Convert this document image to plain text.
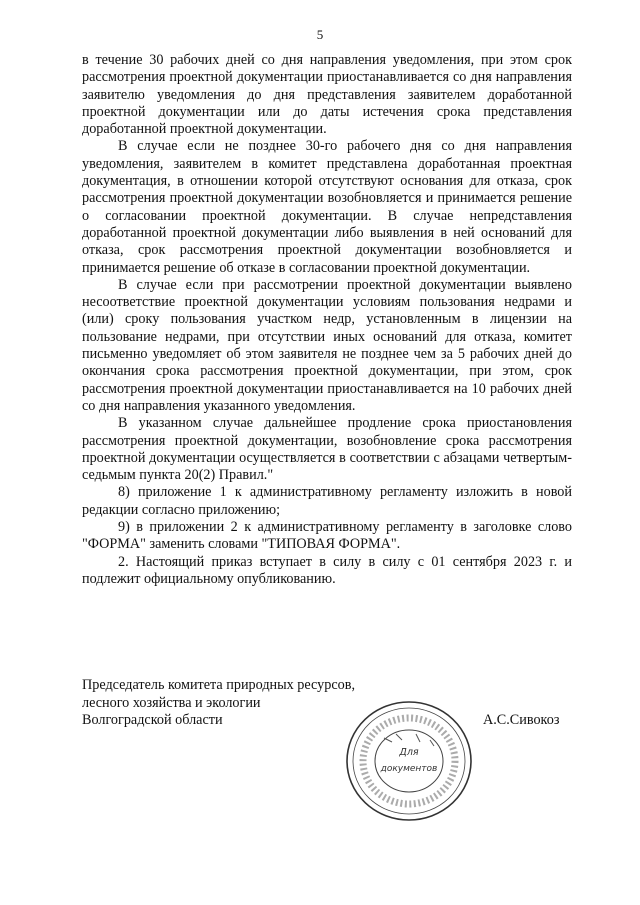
5

в течение 30 рабочих дней со дня направления уведомления, при этом срок рассмотрения проектной документации приостанавливается со дня направления заявителю уведомления до дня представления заявителем доработанной проектной документации или до даты истечения срока представления доработанной проектной документации.

В случае если не позднее 30-го рабочего дня со дня направления уведомления, заявителем в комитет представлена доработанная проектная документация, в отношении которой отсутствуют основания для отказа, срок рассмотрения проектной документации возобновляется и принимается решение о согласовании проектной документации. В случае непредставления доработанной проектной документации либо выявления в ней оснований для отказа, срок рассмотрения проектной документации возобновляется и принимается решение об отказе в согласовании проектной документации.

В случае если при рассмотрении проектной документации выявлено несоответствие проектной документации условиям пользования недрами и (или) сроку пользования участком недр, установленным в лицензии на пользование недрами, при отсутствии иных оснований для отказа, комитет письменно уведомляет об этом заявителя не позднее чем за 5 рабочих дней до окончания срока рассмотрения проектной документации, при этом, срок рассмотрения проектной документации приостанавливается на 10 рабочих дней со дня направления указанного уведомления.

В указанном случае дальнейшее продление срока приостановления рассмотрения проектной документации, возобновление срока рассмотрения проектной документации осуществляется в соответствии с абзацами четвертым-седьмым пункта 20(2) Правил."

8) приложение 1 к административному регламенту изложить в новой редакции согласно приложению;

9) в приложении 2 к административному регламенту в заголовке слово "ФОРМА" заменить словами "ТИПОВАЯ ФОРМА".

2. Настоящий приказ вступает в силу в силу с 01 сентября 2023 г. и подлежит официальному опубликованию.

Председатель комитета природных ресурсов,
лесного хозяйства и экологии
Волгоградской области
Для
документов
А.С.Сивокоз
